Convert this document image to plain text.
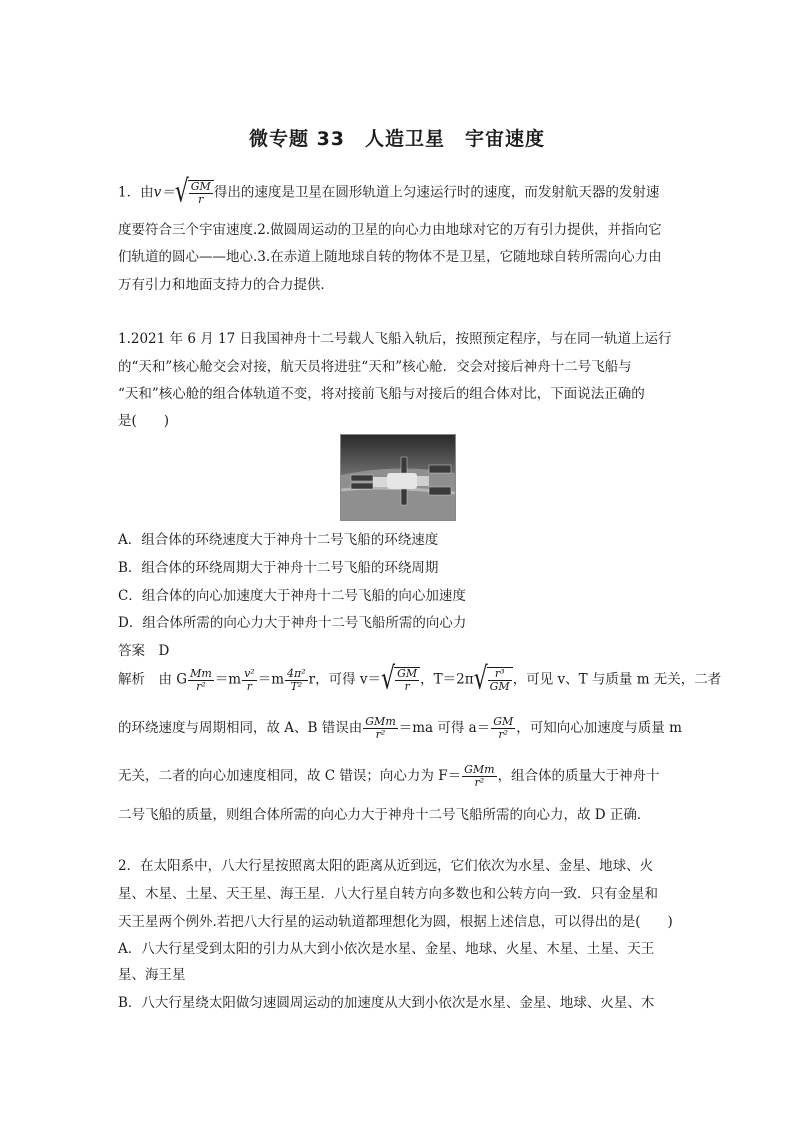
微专题 33　人造卫星　宇宙速度
1．由$v=√ \frac{GM}{r}$ 得出的速度是卫星在圆形轨道上匀速运行时的速度，而发射航天器的发射速
度要符合三个宇宙速度.2.做圆周运动的卫星的向心力由地球对它的万有引力提供，并指向它
们轨道的圆心——地心.3.在赤道上随地球自转的物体不是卫星，它随地球自转所需向心力由
万有引力和地面支持力的合力提供．
1.2021 年 6 月 17 日我国神舟十二号载人飞船入轨后，按照预定程序，与在同一轨道上运行
的“天和”核心舱交会对接，航天员将进驻“天和”核心舱．交会对接后神舟十二号飞船与
“天和”核心舱的组合体轨道不变，将对接前飞船与对接后的组合体对比，下面说法正确的
是(　　)
A．组合体的环绕速度大于神舟十二号飞船的环绕速度
B．组合体的环绕周期大于神舟十二号飞船的环绕周期
C．组合体的向心加速度大于神舟十二号飞船的向心加速度
D．组合体所需的向心力大于神舟十二号飞船所需的向心力
答案　D
解析　由 G $\frac{Mm}{\text{r²}} =m \frac{\text{v²}}{r} =m \frac{\text{4π²}}{\text{T²}}$ r，可得 $v=√ \frac{GM}{r}$ ，$T=2\pi√ \frac{\text{r³}}{GM}$ ，可见 v、T 与质量 m 无关，二者
的环绕速度与周期相同，故 A、B 错误由 $\frac{\text{GMm}}{\text{r²}} =ma$ 可得 $a= \frac{GM}{\text{r²}}$ ，可知向心加速度与质量 m
无关，二者的向心加速度相同，故 C 错误；向心力为 $F= \frac{\text{GMm}}{\text{r²}}$ ，组合体的质量大于神舟十
二号飞船的质量，则组合体所需的向心力大于神舟十二号飞船所需的向心力，故 D 正确．
2．在太阳系中，八大行星按照离太阳的距离从近到远，它们依次为水星、金星、地球、火
星、木星、土星、天王星、海王星．八大行星自转方向多数也和公转方向一致．只有金星和
天王星两个例外.若把八大行星的运动轨道都理想化为圆，根据上述信息，可以得出的是(　　)
A．八大行星受到太阳的引力从大到小依次是水星、金星、地球、火星、木星、土星、天王
星、海王星
B．八大行星绕太阳做匀速圆周运动的加速度从大到小依次是水星、金星、地球、火星、木
